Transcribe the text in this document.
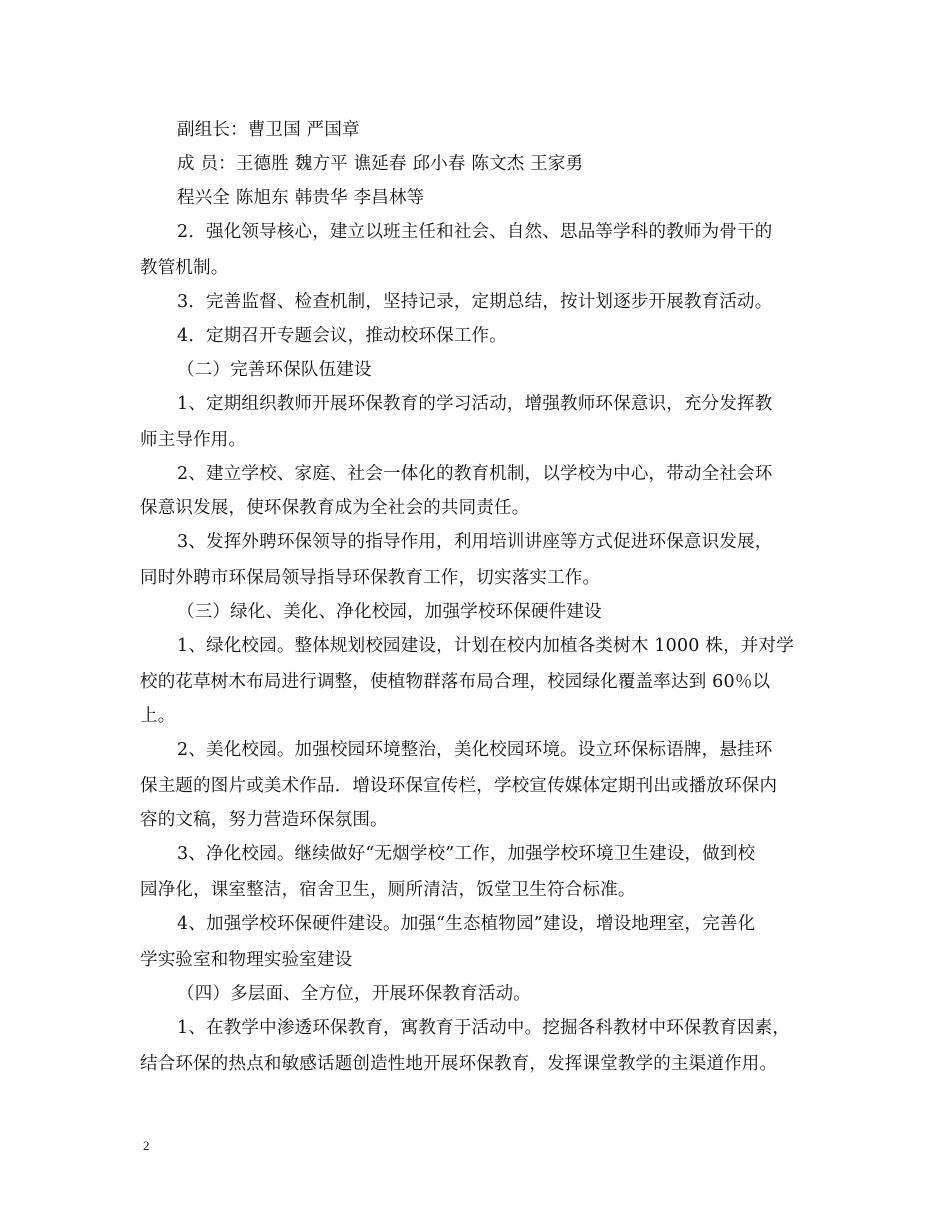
副组长：曹卫国 严国章
成 员：王德胜 魏方平 谯延春 邱小春 陈文杰 王家勇
程兴全 陈旭东 韩贵华 李昌林等
2．强化领导核心，建立以班主任和社会、自然、思品等学科的教师为骨干的
教管机制。
3．完善监督、检查机制，坚持记录，定期总结，按计划逐步开展教育活动。
4．定期召开专题会议，推动校环保工作。
（二）完善环保队伍建设
1、定期组织教师开展环保教育的学习活动，增强教师环保意识，充分发挥教
师主导作用。
2、建立学校、家庭、社会一体化的教育机制，以学校为中心，带动全社会环
保意识发展，使环保教育成为全社会的共同责任。
3、发挥外聘环保领导的指导作用，利用培训讲座等方式促进环保意识发展，
同时外聘市环保局领导指导环保教育工作，切实落实工作。
（三）绿化、美化、净化校园，加强学校环保硬件建设
1、绿化校园。整体规划校园建设，计划在校内加植各类树木 1000 株，并对学
校的花草树木布局进行调整，使植物群落布局合理，校园绿化覆盖率达到 60％以
上。
2、美化校园。加强校园环境整治，美化校园环境。设立环保标语牌，悬挂环
保主题的图片或美术作品．增设环保宣传栏，学校宣传媒体定期刊出或播放环保内
容的文稿，努力营造环保氛围。
3、净化校园。继续做好“无烟学校”工作，加强学校环境卫生建设，做到校
园净化，课室整洁，宿舍卫生，厕所清洁，饭堂卫生符合标准。
4、加强学校环保硬件建设。加强“生态植物园”建设，增设地理室，完善化
学实验室和物理实验室建设
（四）多层面、全方位，开展环保教育活动。
1、在教学中渗透环保教育，寓教育于活动中。挖掘各科教材中环保教育因素，
结合环保的热点和敏感话题创造性地开展环保教育，发挥课堂教学的主渠道作用。
2
